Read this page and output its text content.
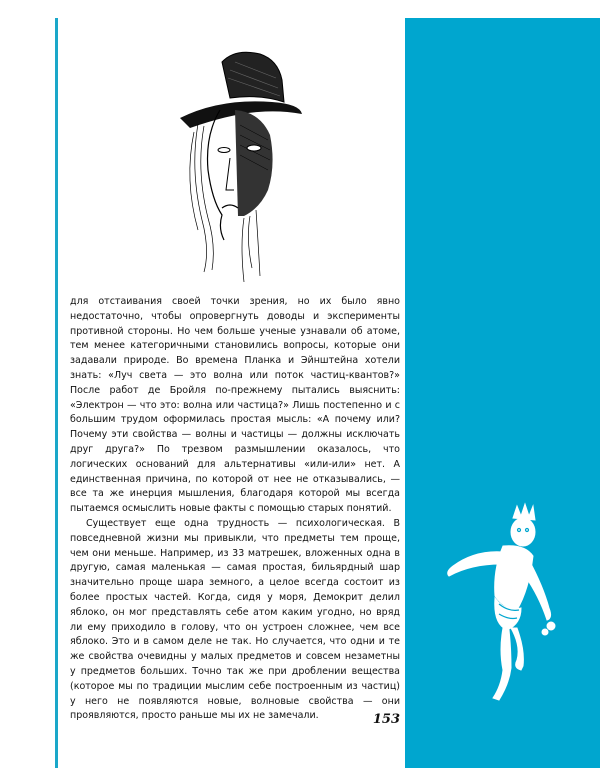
для отстаивания своей точки зрения, но их было явно недостаточно, чтобы опровергнуть доводы и эксперименты противной стороны. Но чем больше ученые узнавали об атоме, тем менее категоричными становились вопросы, которые они задавали природе. Во времена Планка и Эйнштейна хотели знать: «Луч света — это волна или поток частиц-квантов?» После работ де Бройля по-прежнему пытались выяснить: «Электрон — что это: волна или частица?» Лишь постепенно и с большим трудом оформилась простая мысль: «А почему или? Почему эти свойства — волны и частицы — должны исключать друг друга?» По трезвом размышлении оказалось, что логических оснований для альтернативы «или-или» нет. А единственная причина, по которой от нее не отказывались, — все та же инерция мышления, благодаря которой мы всегда пытаемся осмыслить новые факты с помощью старых понятий.

Существует еще одна трудность — психологическая. В повседневной жизни мы привыкли, что предметы тем проще, чем они меньше. Например, из 33 матрешек, вложенных одна в другую, самая маленькая — самая простая, бильярдный шар значительно проще шара земного, а целое всегда состоит из более простых частей. Когда, сидя у моря, Демокрит делил яблоко, он мог представлять себе атом каким угодно, но вряд ли ему приходило в голову, что он устроен сложнее, чем все яблоко. Это и в самом деле не так. Но случается, что одни и те же свойства очевидны у малых предметов и совсем незаметны у предметов больших. Точно так же при дроблении вещества (которое мы по традиции мыслим себе построенным из частиц) у него не появляются новые, волновые свойства — они проявляются, просто раньше мы их не замечали.	153
